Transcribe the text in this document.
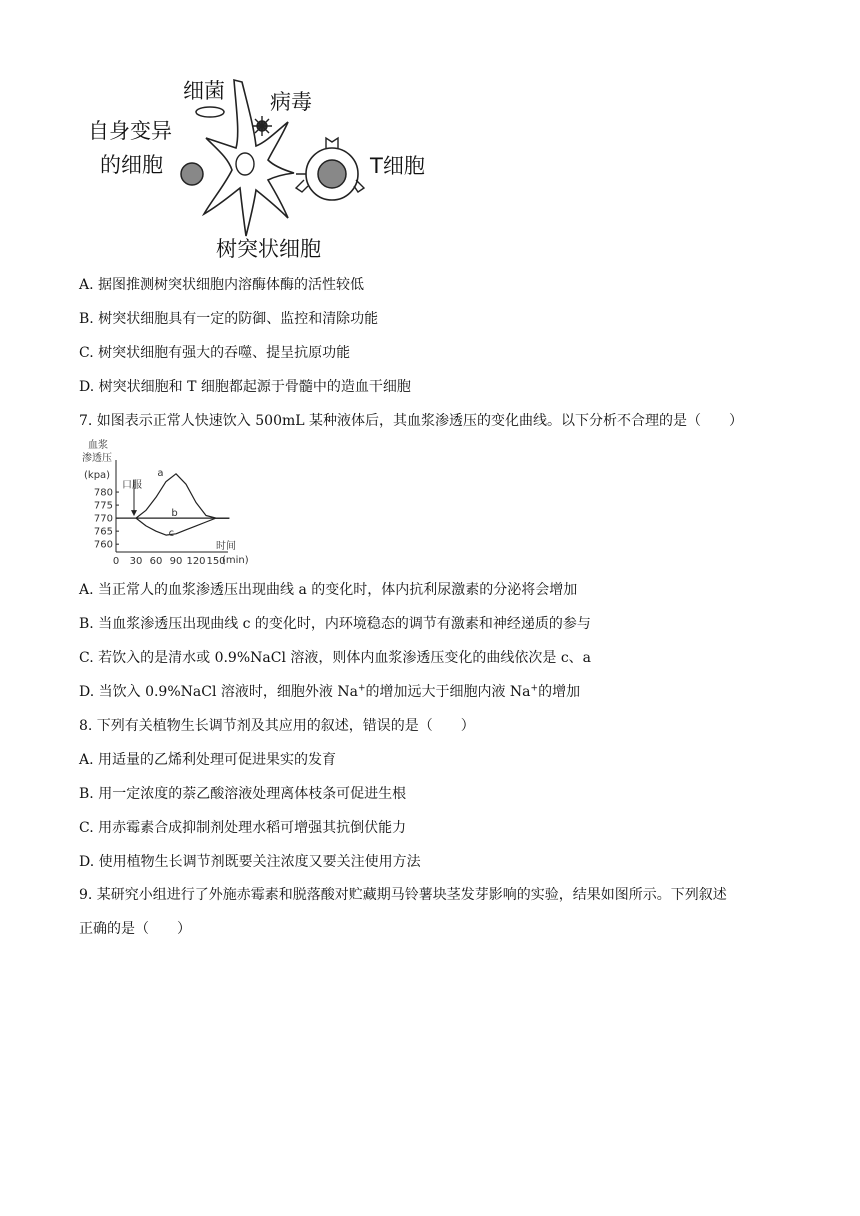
细菌 病毒
自身变异
的细胞	T细胞
树突状细胞
A. 据图推测树突状细胞内溶酶体酶的活性较低
B. 树突状细胞具有一定的防御、监控和清除功能
C. 树突状细胞有强大的吞噬、提呈抗原功能
D. 树突状细胞和 T 细胞都起源于骨髓中的造血干细胞
7. 如图表示正常人快速饮入 500mL 某种液体后，其血浆渗透压的变化曲线。以下分析不合理的是（　　）
血浆
渗透压
(kpa)
时间
(min)
口服
760
765
770
775
780
0 30 60 90 120 150
a
b
c
A. 当正常人的血浆渗透压出现曲线 a 的变化时，体内抗利尿激素的分泌将会增加
B. 当血浆渗透压出现曲线 c 的变化时，内环境稳态的调节有激素和神经递质的参与
C. 若饮入的是清水或 0.9%NaCl 溶液，则体内血浆渗透压变化的曲线依次是 c、a
D. 当饮入 0.9%NaCl 溶液时，细胞外液 Na+的增加远大于细胞内液 Na+的增加
8. 下列有关植物生长调节剂及其应用的叙述，错误的是（　　）
A. 用适量的乙烯利处理可促进果实的发育
B. 用一定浓度的萘乙酸溶液处理离体枝条可促进生根
C. 用赤霉素合成抑制剂处理水稻可增强其抗倒伏能力
D. 使用植物生长调节剂既要关注浓度又要关注使用方法
9. 某研究小组进行了外施赤霉素和脱落酸对贮藏期马铃薯块茎发芽影响的实验，结果如图所示。下列叙述
正确的是（　　）
